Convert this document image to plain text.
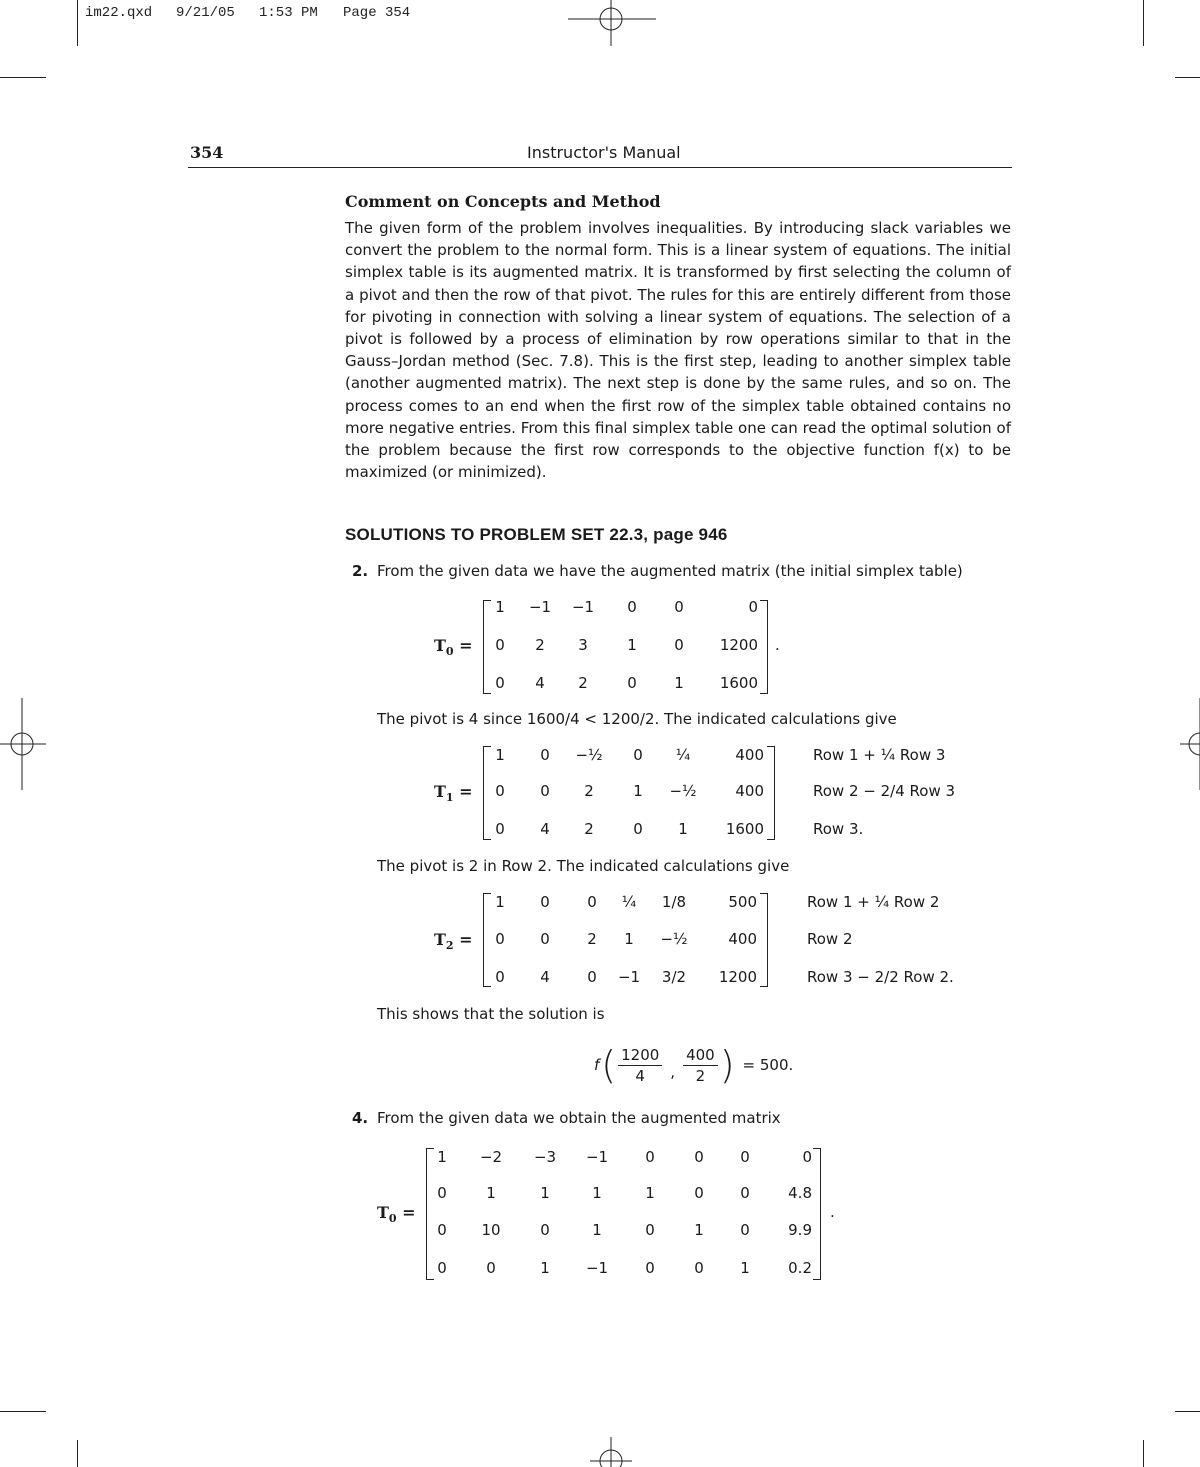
im22.qxd 9/21/05 1:53 PM Page 354
354	Instructor's Manual
Comment on Concepts and Method
The given form of the problem involves inequalities. By introducing slack variables we convert the problem to the normal form. This is a linear system of equations. The initial simplex table is its augmented matrix. It is transformed by first selecting the column of a pivot and then the row of that pivot. The rules for this are entirely different from those for pivoting in connection with solving a linear system of equations. The selection of a pivot is followed by a process of elimination by row operations similar to that in the Gauss–Jordan method (Sec. 7.8). This is the first step, leading to another simplex table (another augmented matrix). The next step is done by the same rules, and so on. The process comes to an end when the first row of the simplex table obtained contains no more negative entries. From this final simplex table one can read the optimal solution of the problem because the first row corresponds to the objective function f(x) to be maximized (or minimized).
SOLUTIONS TO PROBLEM SET 22.3, page 946
2. From the given data we have the augmented matrix (the initial simplex table)
$T_0$ =	.
1	−1 −1	0	0	0
0	2	3	1	0	1200
0	4	2	0	1	1600
The pivot is 4 since 1600/4 < 1200/2. The indicated calculations give
$T_1$ =
1	0	−½	0	¼	400
0	0	2	1	−½	400
0	4	2	0	1	1600
Row 1 + ¼ Row 3
Row 2 − 2/4 Row 3
Row 3.
The pivot is 2 in Row 2. The indicated calculations give
$T_2$ =
1	0	0	¼	1/8	500
0	0	2	1	−½	400
0	4	0	−1	3/2	1200
Row 1 + ¼ Row 2
Row 2
Row 3 − 2/2 Row 2.
This shows that the solution is
f ( 1200
4	,
400
2 ) = 500.
4. From the given data we obtain the augmented matrix
$T_0$ =	.
1	−2	−3	−1	0	0	0	0
0	1	1	1	1	0	0	4.8
0	10	0	1	0	1	0	9.9
0	0	1	−1	0	0	1	0.2
